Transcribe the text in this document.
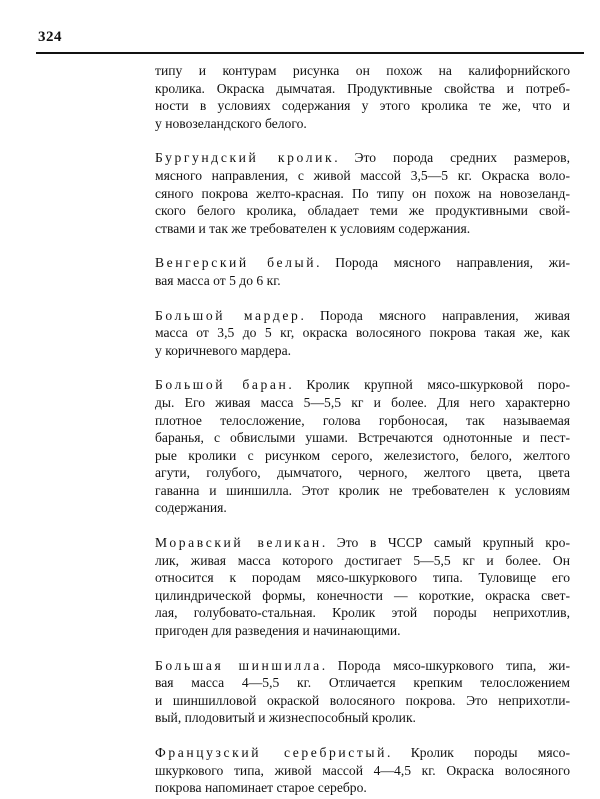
324

типу и контурам рисунка он похож на калифорнийского
кролика. Окраска дымчатая. Продуктивные свойства и потреб-
ности в условиях содержания у этого кролика те же, что и
у новозеландского белого.

Бургундский кролик. Это порода средних размеров,
мясного направления, с живой массой 3,5—5 кг. Окраска воло-
сяного покрова желто-красная. По типу он похож на новозеланд-
ского белого кролика, обладает теми же продуктивными свой-
ствами и так же требователен к условиям содержания.

Венгерский белый. Порода мясного направления, жи-
вая масса от 5 до 6 кг.

Большой мардер. Порода мясного направления, живая
масса от 3,5 до 5 кг, окраска волосяного покрова такая же, как
у коричневого мардера.

Большой баран. Кролик крупной мясо-шкурковой поро-
ды. Его живая масса 5—5,5 кг и более. Для него характерно
плотное телосложение, голова горбоносая, так называемая
баранья, с обвислыми ушами. Встречаются однотонные и пест-
рые кролики с рисунком серого, железистого, белого, желтого
агути, голубого, дымчатого, черного, желтого цвета, цвета
гаванна и шиншилла. Этот кролик не требователен к условиям
содержания.

Моравский великан. Это в ЧССР самый крупный кро-
лик, живая масса которого достигает 5—5,5 кг и более. Он
относится к породам мясо-шкуркового типа. Туловище его
цилиндрической формы, конечности — короткие, окраска свет-
лая, голубовато-стальная. Кролик этой породы неприхотлив,
пригоден для разведения и начинающими.

Большая шиншилла. Порода мясо-шкуркового типа, жи-
вая масса 4—5,5 кг. Отличается крепким телосложением
и шиншилловой окраской волосяного покрова. Это неприхотли-
вый, плодовитый и жизнеспособный кролик.

Французский серебристый. Кролик породы мясо-
шкуркового типа, живой массой 4—4,5 кг. Окраска волосяного
покрова напоминает старое серебро.
